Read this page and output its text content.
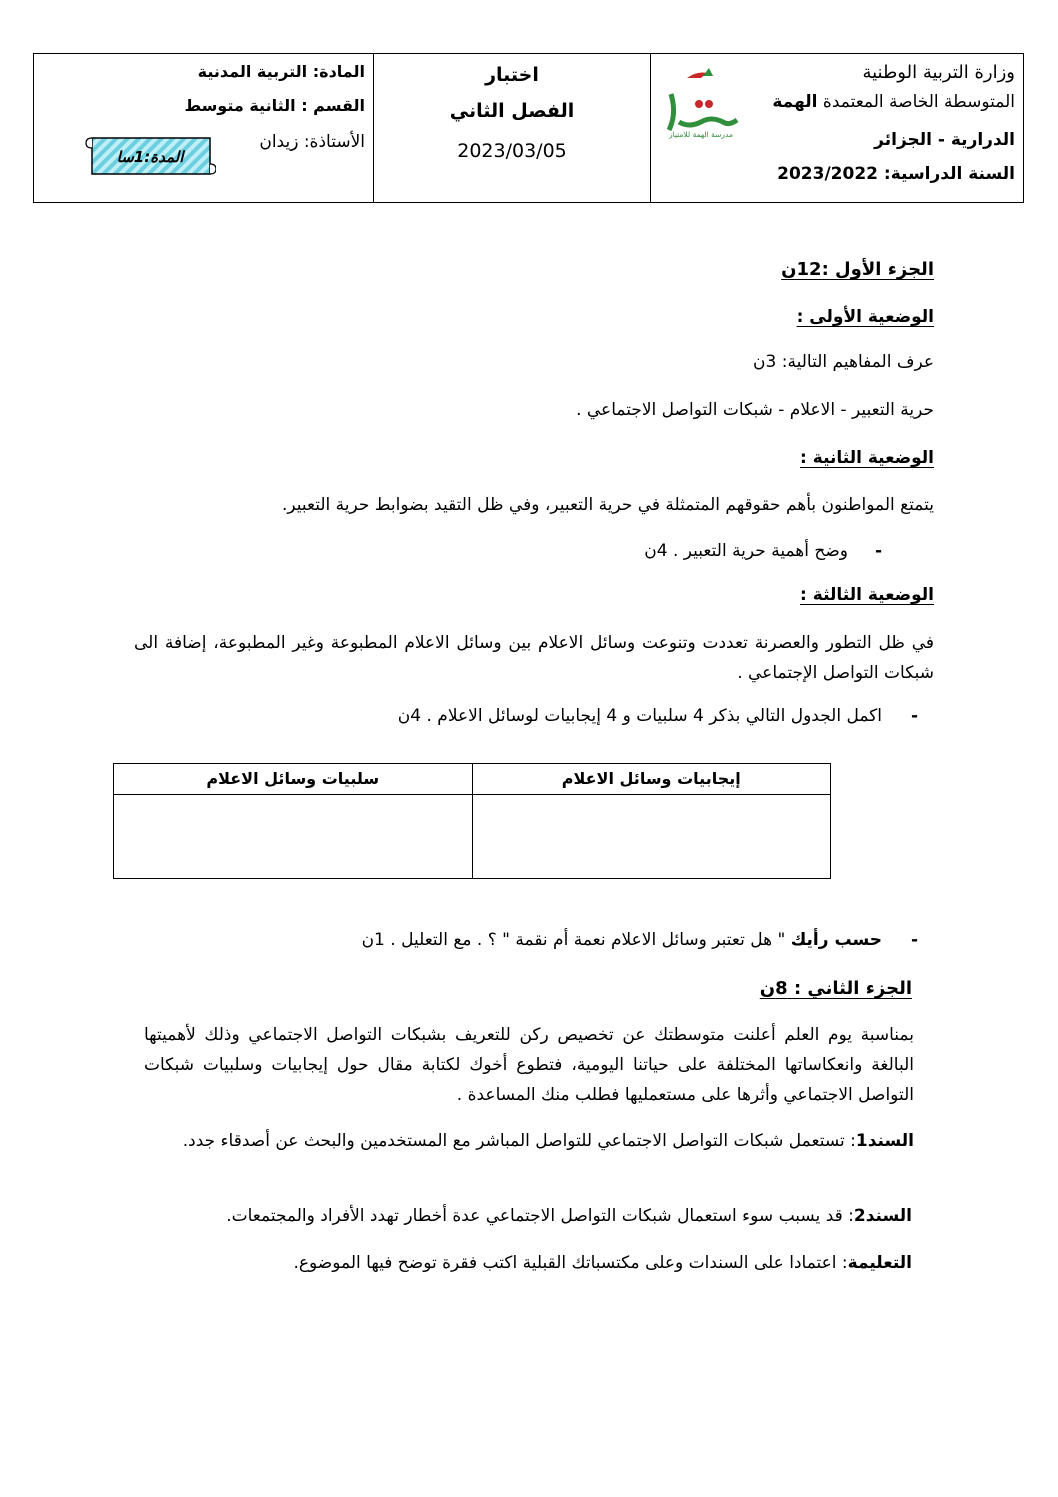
وزارة التربية الوطنية
المتوسطة الخاصة المعتمدة الهمة
الدرارية - الجزائر
السنة الدراسية: 2023/2022
مدرسة الهمة للامتياز
اختبار
الفصل الثاني
2023/03/05
المادة: التربية المدنية
القسم : الثانية متوسط
الأستاذة: زيدان
المدة:1سا
الجزء الأول :12ن
الوضعية الأولى :
عرف المفاهيم التالية: 3ن
حرية التعبير - الاعلام - شبكات التواصل الاجتماعي .
الوضعية الثانية :
يتمتع المواطنون بأهم حقوقهم المتمثلة في حرية التعبير، وفي ظل التقيد بضوابط حرية التعبير.
-
وضح أهمية حرية التعبير . 4ن
الوضعية الثالثة :
في ظل التطور والعصرنة تعددت وتنوعت وسائل الاعلام بين وسائل الاعلام المطبوعة وغير المطبوعة، إضافة الى شبكات التواصل الإجتماعي .
-
اكمل الجدول التالي بذكر 4 سلبيات و 4 إيجابيات لوسائل الاعلام . 4ن
إيجابيات وسائل الاعلام
سلبيات وسائل الاعلام
-
حسب رأيك " هل تعتبر وسائل الاعلام نعمة أم نقمة " ؟ . مع التعليل . 1ن
الجزء الثاني : 8ن
بمناسبة يوم العلم أعلنت متوسطتك عن تخصيص ركن للتعريف بشبكات التواصل الاجتماعي وذلك لأهميتها البالغة وانعكاساتها المختلفة على حياتنا اليومية، فتطوع أخوك لكتابة مقال حول إيجابيات وسلبيات شبكات التواصل الاجتماعي وأثرها على مستعمليها فطلب منك المساعدة .
السند1: تستعمل شبكات التواصل الاجتماعي للتواصل المباشر مع المستخدمين والبحث عن أصدقاء جدد.
السند2: قد يسبب سوء استعمال شبكات التواصل الاجتماعي عدة أخطار تهدد الأفراد والمجتمعات.
التعليمة: اعتمادا على السندات وعلى مكتسباتك القبلية اكتب فقرة توضح فيها الموضوع.
